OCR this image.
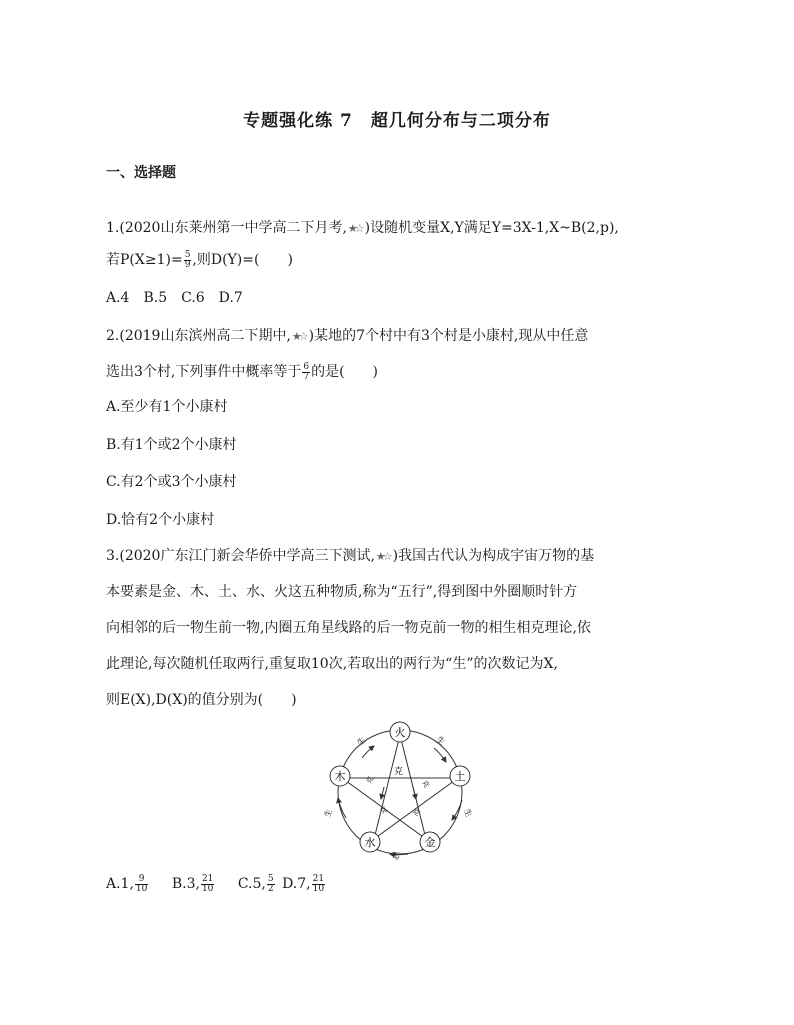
专题强化练 7　超几何分布与二项分布
一、选择题
1.(2020山东莱州第一中学高二下月考,★☆ )设随机变量X,Y满足Y=3X-1,X~B(2,p),
若$P(X\ge 1)= \frac{5}{9}$ ,则D(Y)=(　　)
A.4　B.5　C.6　D.7
2.(2019山东滨州高二下期中,★☆ )某地的7个村中有3个村是小康村,现从中任意
选出3个村,下列事件中概率等于 $\frac{6}{7}$ 的是(　　)
A.至少有1个小康村
B.有1个或2个小康村
C.有2个或3个小康村
D.恰有2个小康村
3.(2020广东江门新会华侨中学高三下测试,★☆ )我国古代认为构成宇宙万物的基
本要素是金、木、土、水、火这五种物质,称为“五行”,得到图中外圈顺时针方
向相邻的后一物生前一物,内圈五角星线路的后一物克前一物的相生相克理论,依
此理论,每次随机任取两行,重复取10次,若取出的两行为“生”的次数记为X,
则E(X),D(X)的值分别为(　　)
火
土
金
水
木
生	生
生
生
生
克
克	克
克	克
A.1, $\frac{9}{10} B.3$, $\frac{21}{10} C.5$, $\frac{5}{2} D.7$, $\frac{21}{10}$
